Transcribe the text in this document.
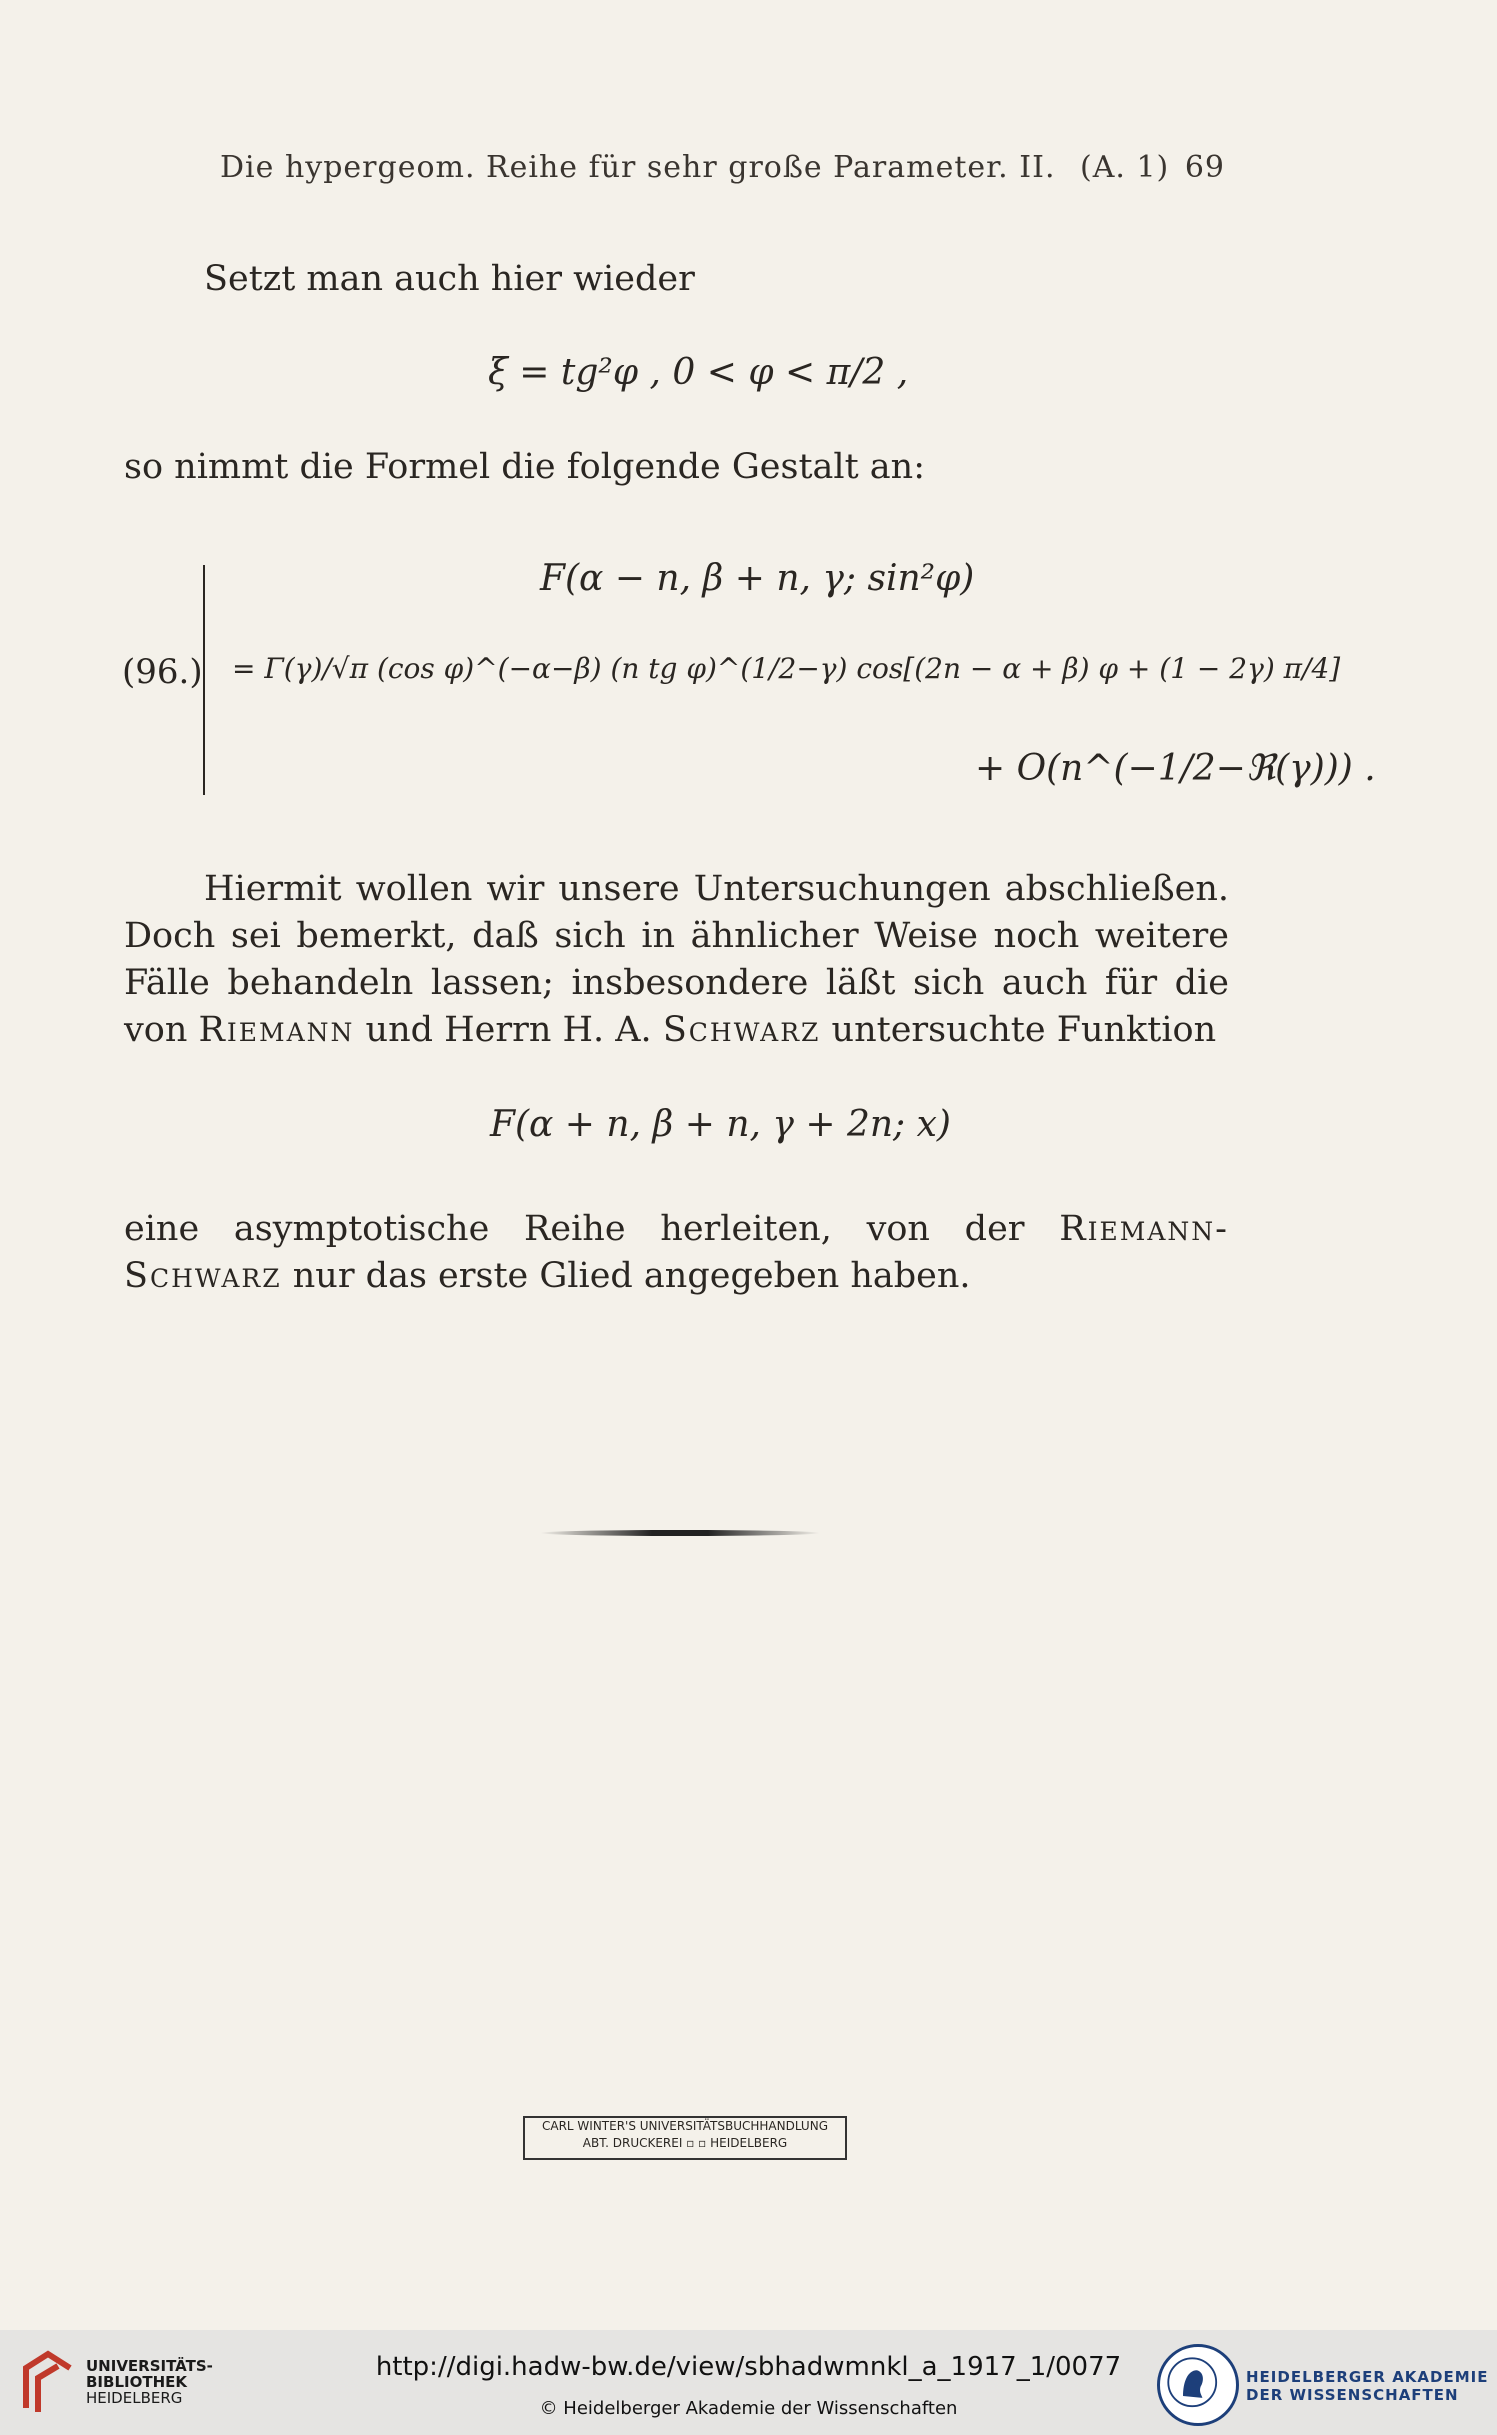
Die hypergeom. Reihe für sehr große Parameter. II. (A. 1) 69

Setzt man auch hier wieder

ξ = tg²φ , 0 < φ < π/2 ,

so nimmt die Formel die folgende Gestalt an:

(96.)
F(α − n, β + n, γ; sin²φ)
= Γ(γ)/√π (cos φ)^(−α−β) (n tg φ)^(1/2−γ) cos[(2n − α + β) φ + (1 − 2γ) π/4]
+ O(n^(−1/2−ℜ(γ))) .

Hiermit wollen wir unsere Untersuchungen abschließen. Doch sei bemerkt, daß sich in ähnlicher Weise noch weitere Fälle behandeln lassen; insbesondere läßt sich auch für die von Riemann und Herrn H. A. Schwarz untersuchte Funktion

F(α + n, β + n, γ + 2n; x)

eine asymptotische Reihe herleiten, von der Riemann-Schwarz nur das erste Glied angegeben haben.

CARL WINTER'S UNIVERSITÄTSBUCHHANDLUNG
ABT. DRUCKEREI ▫ ▫ HEIDELBERG
UNIVERSITÄTS-
BIBLIOTHEK
HEIDELBERG
http://digi.hadw-bw.de/view/sbhadwmnkl_a_1917_1/0077
© Heidelberger Akademie der Wissenschaften
HEIDELBERGER AKADEMIE
DER WISSENSCHAFTEN
